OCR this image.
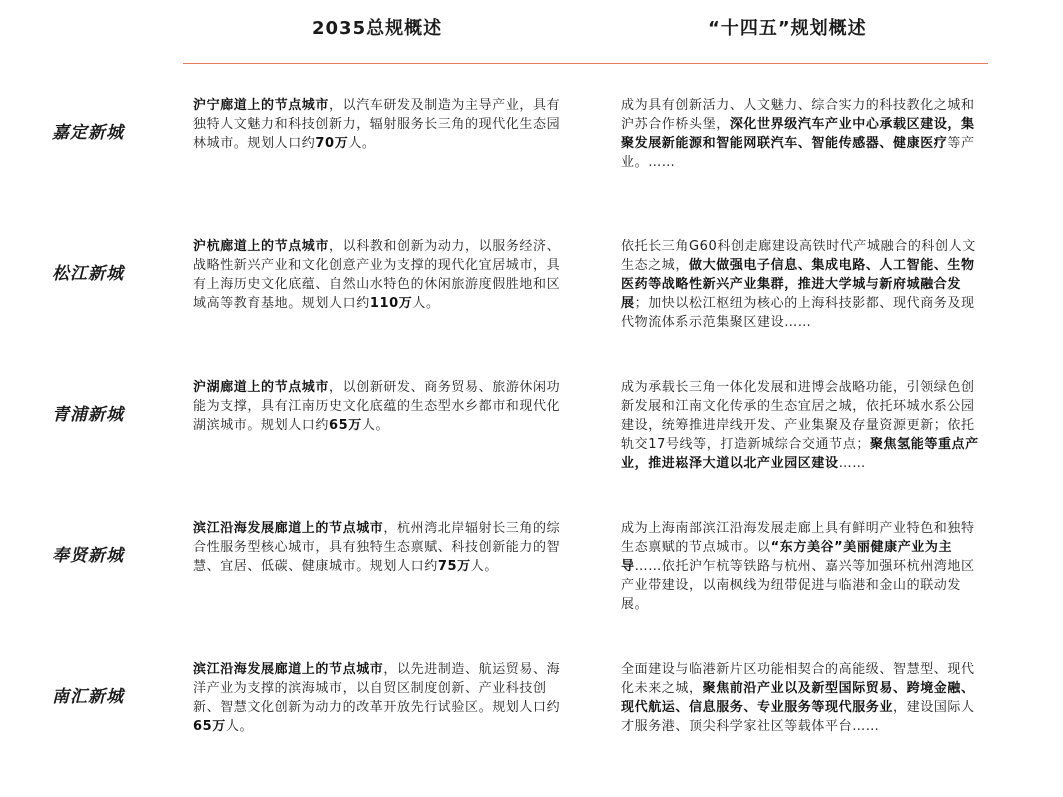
2035总规概述	“十四五”规划概述
嘉定新城
沪宁廊道上的节点城市，以汽车研发及制造为主导产业，具有独特人文魅力和科技创新力，辐射服务长三角的现代化生态园林城市。规划人口约70万人。
成为具有创新活力、人文魅力、综合实力的科技教化之城和沪苏合作桥头堡，深化世界级汽车产业中心承载区建设，集聚发展新能源和智能网联汽车、智能传感器、健康医疗等产业。……
松江新城
沪杭廊道上的节点城市，以科教和创新为动力，以服务经济、战略性新兴产业和文化创意产业为支撑的现代化宜居城市，具有上海历史文化底蕴、自然山水特色的休闲旅游度假胜地和区域高等教育基地。规划人口约110万人。
依托长三角G60科创走廊建设高铁时代产城融合的科创人文生态之城，做大做强电子信息、集成电路、人工智能、生物医药等战略性新兴产业集群，推进大学城与新府城融合发展；加快以松江枢纽为核心的上海科技影都、现代商务及现代物流体系示范集聚区建设……
青浦新城
沪湖廊道上的节点城市，以创新研发、商务贸易、旅游休闲功能为支撑，具有江南历史文化底蕴的生态型水乡都市和现代化湖滨城市。规划人口约65万人。
成为承载长三角一体化发展和进博会战略功能，引领绿色创新发展和江南文化传承的生态宜居之城，依托环城水系公园建设，统筹推进岸线开发、产业集聚及存量资源更新；依托轨交17号线等，打造新城综合交通节点；聚焦氢能等重点产业，推进崧泽大道以北产业园区建设……
奉贤新城
滨江沿海发展廊道上的节点城市，杭州湾北岸辐射长三角的综合性服务型核心城市，具有独特生态禀赋、科技创新能力的智慧、宜居、低碳、健康城市。规划人口约75万人。
成为上海南部滨江沿海发展走廊上具有鲜明产业特色和独特生态禀赋的节点城市。以“东方美谷”美丽健康产业为主导……依托沪乍杭等铁路与杭州、嘉兴等加强环杭州湾地区产业带建设，以南枫线为纽带促进与临港和金山的联动发展。
南汇新城
滨江沿海发展廊道上的节点城市，以先进制造、航运贸易、海洋产业为支撑的滨海城市，以自贸区制度创新、产业科技创新、智慧文化创新为动力的改革开放先行试验区。规划人口约65万人。
全面建设与临港新片区功能相契合的高能级、智慧型、现代化未来之城，聚焦前沿产业以及新型国际贸易、跨境金融、现代航运、信息服务、专业服务等现代服务业，建设国际人才服务港、顶尖科学家社区等载体平台……
